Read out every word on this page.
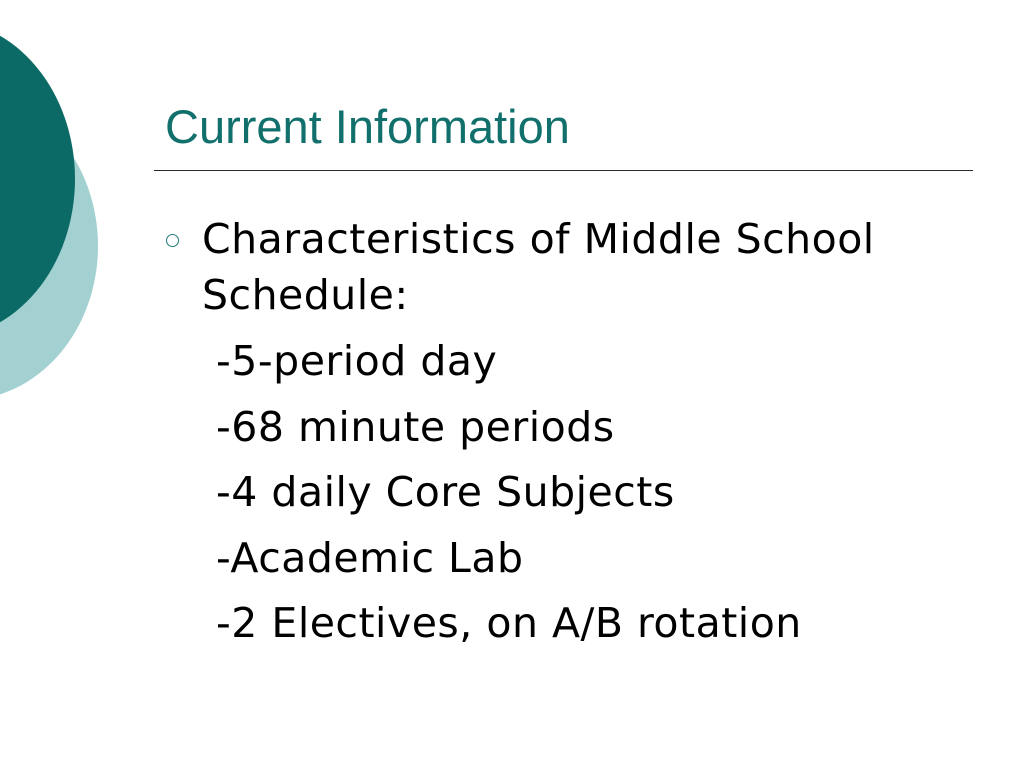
Current Information

Characteristics of Middle School Schedule:

-5-period day
-68 minute periods
-4 daily Core Subjects
-Academic Lab
-2 Electives, on A/B rotation
